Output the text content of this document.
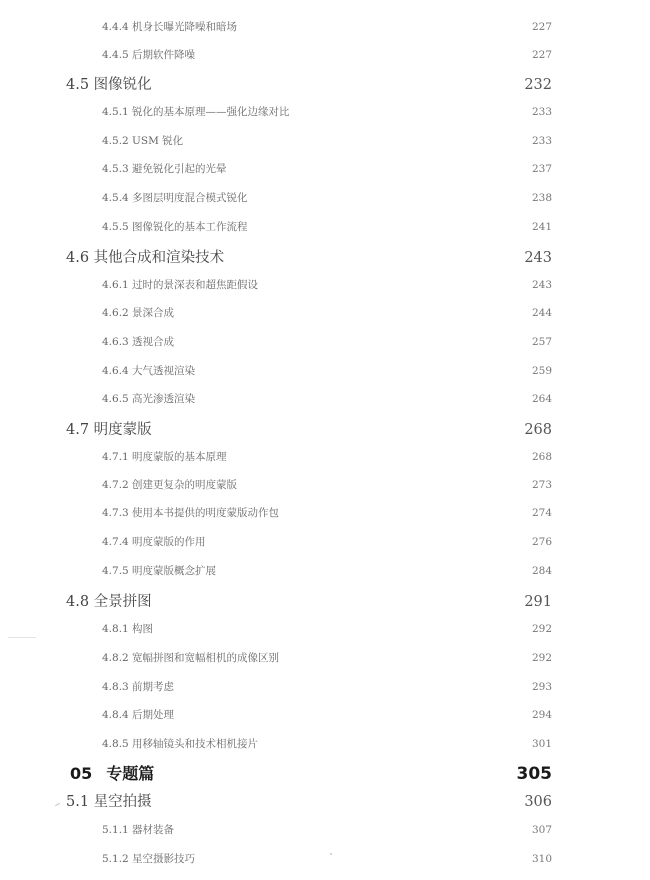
4.4.4 机身长曝光降噪和暗场	227
4.4.5 后期软件降噪	227
4.5 图像锐化	232
4.5.1 锐化的基本原理——强化边缘对比	233
4.5.2 USM 锐化	233
4.5.3 避免锐化引起的光晕	237
4.5.4 多图层明度混合模式锐化	238
4.5.5 图像锐化的基本工作流程	241
4.6 其他合成和渲染技术	243
4.6.1 过时的景深表和超焦距假设	243
4.6.2 景深合成	244
4.6.3 透视合成	257
4.6.4 大气透视渲染	259
4.6.5 高光渗透渲染	264
4.7 明度蒙版	268
4.7.1 明度蒙版的基本原理	268
4.7.2 创建更复杂的明度蒙版	273
4.7.3 使用本书提供的明度蒙版动作包	274
4.7.4 明度蒙版的作用	276
4.7.5 明度蒙版概念扩展	284
4.8 全景拼图	291
4.8.1 构图	292
4.8.2 宽幅拼图和宽幅相机的成像区别	292
4.8.3 前期考虑	293
4.8.4 后期处理	294
4.8.5 用移轴镜头和技术相机接片	301
05 专题篇	305
5.1 星空拍摄	306
5.1.1 器材装备	307
5.1.2 星空摄影技巧	310
